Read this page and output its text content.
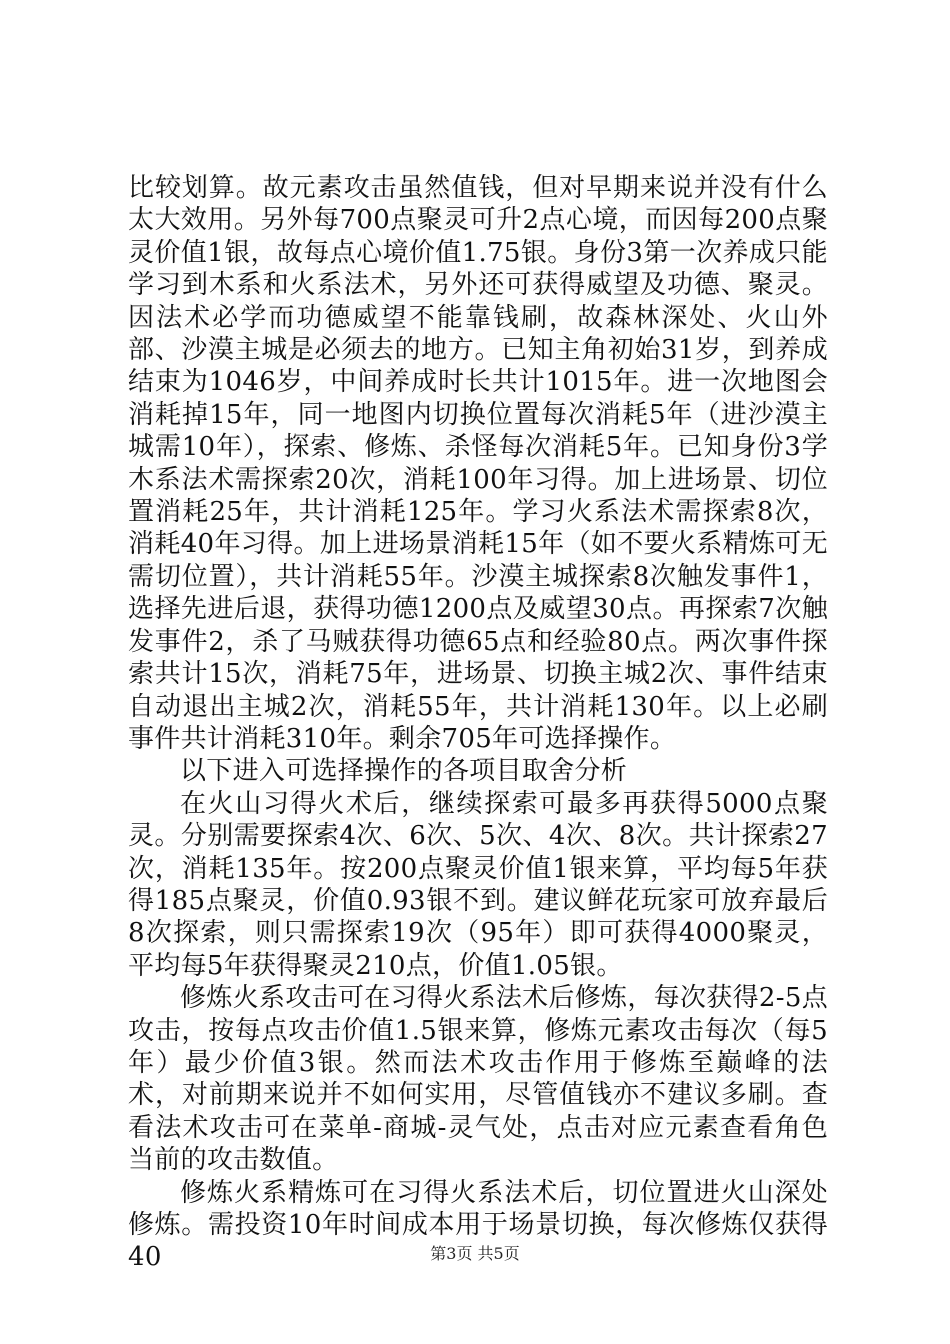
比较划算。故元素攻击虽然值钱，但对早期来说并没有什么太大效用。另外每700点聚灵可升2点心境，而因每200点聚灵价值1银，故每点心境价值1.75银。身份3第一次养成只能学习到木系和火系法术，另外还可获得威望及功德、聚灵。因法术必学而功德威望不能靠钱刷，故森林深处、火山外部、沙漠主城是必须去的地方。已知主角初始31岁，到养成结束为1046岁，中间养成时长共计1015年。进一次地图会消耗掉15年，同一地图内切换位置每次消耗5年（进沙漠主城需10年），探索、修炼、杀怪每次消耗5年。已知身份3学木系法术需探索20次，消耗100年习得。加上进场景、切位置消耗25年，共计消耗125年。学习火系法术需探索8次，消耗40年习得。加上进场景消耗15年（如不要火系精炼可无需切位置），共计消耗55年。沙漠主城探索8次触发事件1，选择先进后退，获得功德1200点及威望30点。再探索7次触发事件2，杀了马贼获得功德65点和经验80点。两次事件探索共计15次，消耗75年，进场景、切换主城2次、事件结束自动退出主城2次，消耗55年，共计消耗130年。以上必刷事件共计消耗310年。剩余705年可选择操作。

以下进入可选择操作的各项目取舍分析

在火山习得火术后，继续探索可最多再获得5000点聚灵。分别需要探索4次、6次、5次、4次、8次。共计探索27次，消耗135年。按200点聚灵价值1银来算，平均每5年获得185点聚灵，价值0.93银不到。建议鲜花玩家可放弃最后8次探索，则只需探索19次（95年）即可获得4000聚灵，平均每5年获得聚灵210点，价值1.05银。

修炼火系攻击可在习得火系法术后修炼，每次获得2-5点攻击，按每点攻击价值1.5银来算，修炼元素攻击每次（每5年）最少价值3银。然而法术攻击作用于修炼至巅峰的法术，对前期来说并不如何实用，尽管值钱亦不建议多刷。查看法术攻击可在菜单-商城-灵气处，点击对应元素查看角色当前的攻击数值。

修炼火系精炼可在习得火系法术后，切位置进火山深处修炼。需投资10年时间成本用于场景切换，每次修炼仅获得40	第3页 共5页
